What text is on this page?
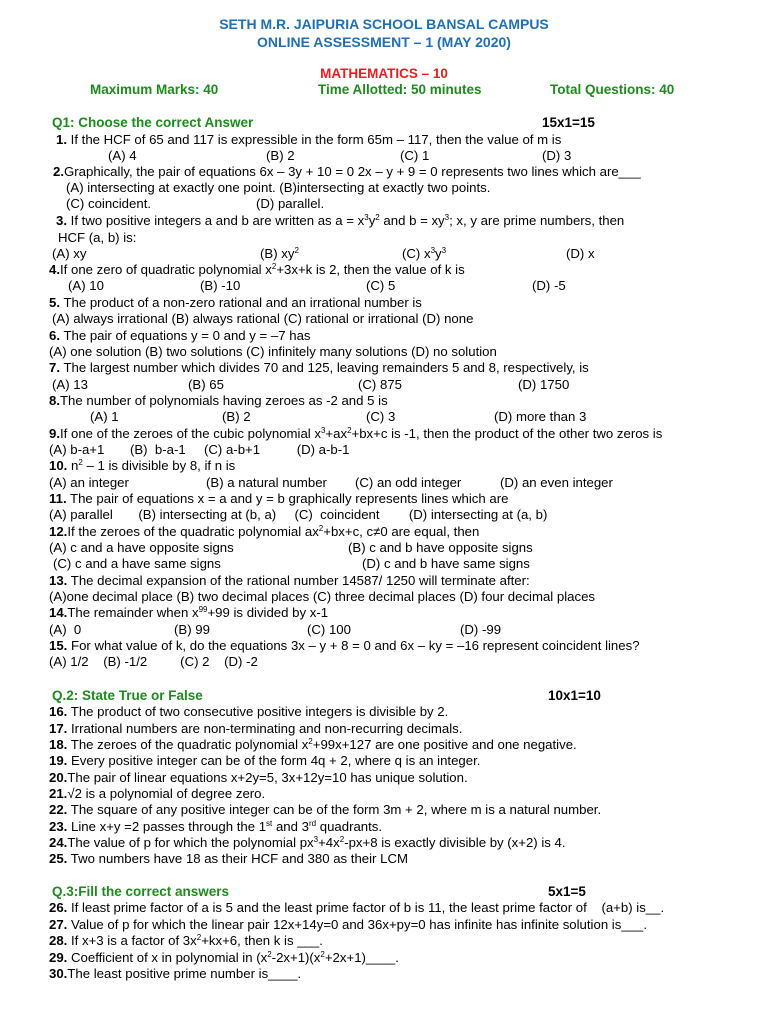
SETH M.R. JAIPURIA SCHOOL BANSAL CAMPUS
ONLINE ASSESSMENT – 1 (MAY 2020)
MATHEMATICS – 10
Maximum Marks: 40	Time Allotted: 50 minutes	Total Questions: 40
Q1: Choose the correct Answer	15x1=15
1. If the HCF of 65 and 117 is expressible in the form 65m – 117, then the value of m is
(A) 4	(B) 2	(C) 1	(D) 3
2.Graphically, the pair of equations 6x – 3y + 10 = 0 2x – y + 9 = 0 represents two lines which are___
(A) intersecting at exactly one point. (B)intersecting at exactly two points.
(C) coincident.	(D) parallel.
3. If two positive integers a and b are written as $a = x^3y^2$ and $b = xy^3$; x, y are prime numbers, then
HCF (a, b) is:
(A) xy	(B) $xy^2$	(C) $x^3y^3$	(D) x
4.If one zero of quadratic polynomial $x^2+3x+k$ is 2, then the value of k is
(A) 10	(B) -10	(C) 5	(D) -5
5. The product of a non-zero rational and an irrational number is
(A) always irrational (B) always rational (C) rational or irrational (D) none
6. The pair of equations y = 0 and y = –7 has
(A) one solution (B) two solutions (C) infinitely many solutions (D) no solution
7. The largest number which divides 70 and 125, leaving remainders 5 and 8, respectively, is
(A) 13	(B) 65	(C) 875	(D) 1750
8.The number of polynomials having zeroes as -2 and 5 is
(A) 1	(B) 2	(C) 3	(D) more than 3
9.If one of the zeroes of the cubic polynomial $x^3+ax^2+bx+c$ is -1, then the product of the other two zeros is
(A) b-a+1       (B)  b-a-1     (C) a-b+1          (D) a-b-1
10. $n^2 - 1$ is divisible by 8, if n is
(A) an integer	(B) a natural number (C) an odd integer	(D) an even integer
11. The pair of equations x = a and y = b graphically represents lines which are
(A) parallel       (B) intersecting at (b, a)     (C)  coincident        (D) intersecting at (a, b)
12.If the zeroes of the quadratic polynomial $ax^2+bx+c$, c≠0 are equal, then
(A) c and a have opposite signs	(B) c and b have opposite signs
(C) c and a have same signs	(D) c and b have same signs
13. The decimal expansion of the rational number 14587/ 1250 will terminate after:
(A)one decimal place (B) two decimal places (C) three decimal places (D) four decimal places
14.The remainder when $x^{99}+99$ is divided by x-1
(A)  0	(B) 99	(C) 100	(D) -99
15. For what value of k, do the equations 3x – y + 8 = 0 and 6x – ky = –16 represent coincident lines?
(A) 1/2    (B) -1/2         (C) 2    (D) -2
Q.2: State True or False	10x1=10
16. The product of two consecutive positive integers is divisible by 2.
17. Irrational numbers are non-terminating and non-recurring decimals.
18. The zeroes of the quadratic polynomial $x^2+99x+127$ are one positive and one negative.
19. Every positive integer can be of the form 4q + 2, where q is an integer.
20.The pair of linear equations x+2y=5, 3x+12y=10 has unique solution.
21.√2 is a polynomial of degree zero.
22. The square of any positive integer can be of the form 3m + 2, where m is a natural number.
23. Line x+y =2 passes through the 1st and 3rd quadrants.
24.The value of p for which the polynomial $px^3+4x^2-px+8$ is exactly divisible by (x+2) is 4.
25. Two numbers have 18 as their HCF and 380 as their LCM
Q.3:Fill the correct answers	5x1=5
26. If least prime factor of a is 5 and the least prime factor of b is 11, the least prime factor of    (a+b) is__.
27. Value of p for which the linear pair 12x+14y=0 and 36x+py=0 has infinite has infinite solution is___.
28. If x+3 is a factor of $3x^2+kx+6$, then k is ___.
29. Coefficient of x in polynomial in $(x^2-2x+1)(x^2+2x+1)\_\_\_\_$.
30.The least positive prime number is____.
